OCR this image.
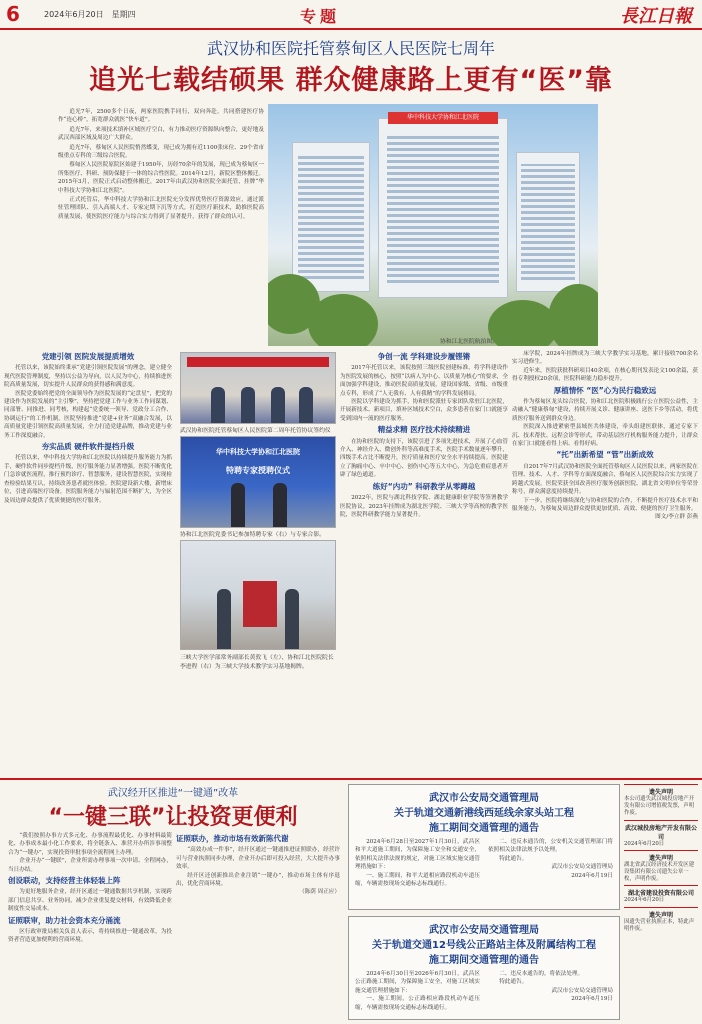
6	2024年6月20日　星期四	专题	長江日報
武汉协和医院托管蔡甸区人民医院七周年
追光七载结硕果 群众健康路上更有“医”靠

追光7年，2500多个日夜，两家医院携手同行，双向奔赴，共同搭建医疗协作“连心桥”，拓宽群众就医“快车道”。

追光7年，来项技术填补区域医疗空白，有力推动医疗资源纵向整合，更好地及武汉西部区域及周边广大群众。

追光7年，蔡甸区人民医院悄然蝶变，现已成为拥有近1100张床位、29个省市级重点专科的三级综合医院。

蔡甸区人民医院原院区始建于1950年，历经70余年的发展，现已成为蔡甸区一所集医疗、科研、预防保健于一体的综合性医院。2014年12月，新院区整体搬迁。2015年3月，医院正式启动整体搬迁，2017年由武汉协和医院全面托管，挂牌“华中科技大学协和江北医院”。

正式托管后，华中科技大学协和江北医院充分发挥优势医疗资源效应，通过派驻管理团队、引入高端人才、专家定期下沉等方式，打造医疗新技术，助推医院高质量发展，使医院医疗能力与综合实力得到了显著提升，获得了群众的认可。

华中科技大学协和江北医院
协和江北医院航拍图。
党建引领 医院发展提质增效

托管以来，该院始终秉承“党建引领医院发展”的理念，建立健全现代医院管理制度，坚持以公益为导向，以人民为中心，持续推进医院高质量发展，切实提升人民群众的获得感和满意度。

医院党委始终把党的全面领导作为医院发展的“定盘星”，把党的建设作为医院发展的“主引擎”，坚持把党建工作与业务工作同谋划、同部署、同推进、同考核，构建起“党委统一领导、党政分工合作、协调运行”的工作机制。医院坚持推进“党建+业务”双融合发展，以高质量党建引领医院高质量发展，全力打造党建品牌，推动党建与业务工作深度融合。

夯实品质 硬件软件提档升级

托管以来，华中科技大学协和江北医院以持续提升服务能力为抓手，硬件软件同步提档升级，医疗服务能力显著增强。医院不断优化门急诊就医流程，推行预约诊疗、智慧服务，建设智慧医院，实现检查检验结果互认，持续改善患者就医体验。医院建设新大楼，新增床位，引进高端医疗设备，医院服务能力与辐射范围不断扩大，为全区及周边群众提供了优质便捷的医疗服务。

武汉协和医院托管蔡甸区人民医院第二周年托管协议签约仪
华中科技大学协和江北医院
特聘专家授聘仪式
协和江北医院党委书记参加特聘专家（右）与专家合影。
三峡大学医学部常务副部长黄敦飞（左）、协和江北医院院长李进程（右）为三峡大学技术教学实习基地揭牌。
争创一流 学科建设步履铿锵

2017年托管以来，该院按照三级医院创建标准，将学科建设作为医院发展的核心，按照“以病人为中心、以质量为核心”的要求，全面加强学科建设，推动医院高质量发展。建设国家级、省级、市级重点专科，形成了“人无我有、人有我精”的学科发展格局。

医院以学科建设为抓手，协和医院派驻专家团队常驻江北医院，开展新技术、新项目，填补区域技术空白，众多患者在家门口就能享受到国内一流的医疗服务。

精益求精 医疗技术持续精进

在协和医院的支持下，该院引进了多项先进技术，开展了心血管介入、神经介入、微创外科等高难度手术，医院手术数量逐年攀升，四级手术占比不断提升，医疗质量和医疗安全水平持续提高。医院建立了胸痛中心、卒中中心、创伤中心等五大中心，为急危重症患者开辟了绿色通道。

练好“内功” 科研教学从零蹲越

2022年，医院与湖北科技学院、湖北健康职业学院等签署教学医院协议。2023年挂牌成为湖北医学院、三峡大学等高校的教学医院，医院科研教学能力显著提升。

床学院，2024年挂牌成为三峡大学教学实习基地，累计接收700余名实习进修生。

近年来，医院获批科研项目40余项，在核心期刊发表论文100余篇，获得专利授权20余项，医院科研能力稳步提升。

厚植情怀 “医”心为民行稳致远

作为蔡甸区龙头综合医院，协和江北医院积极践行公立医院公益性，主动融入“健康蔡甸”建设，持续开展义诊、健康讲座、送医下乡等活动，将优质医疗服务送到群众身边。

医院深入推进紧密型县域医共体建设，牵头组建医联体，通过专家下沉、技术帮扶、远程会诊等形式，带动基层医疗机构服务能力提升，让群众在家门口就能看得上病、看得好病。

“托”出新希望 “管”出新成效

自2017年7月武汉协和医院全面托管蔡甸区人民医院以来，两家医院在管理、技术、人才、学科等方面深度融合，蔡甸区人民医院综合实力实现了跨越式发展。医院荣获全国改善医疗服务创新医院、湖北省文明单位等荣誉称号，群众满意度持续提升。

下一步，医院将继续深化与协和医院的合作，不断提升医疗技术水平和服务能力，为蔡甸及周边群众提供更加优质、高效、便捷的医疗卫生服务。

图文/李立群 彭燕
武汉经开区推进“一键通”改革
“一键三联”让投资更便利

“我们按照办事方式多元化、办事流程最优化、办事材料最简化、办事成本最小化工作要求，将全链条入、准营开办所涉事项整合为“一键办”，实现投资审批事项全流程网上办理。

企业开办“一键联”，企业所需办理事项一次申请、全程网办，当日办结。

创设联动，支持经营主体轻装上阵

为更好地服务企业，经开区通过一键通数据共享机制，实现跨部门信息共享、业务协同，减少企业重复提交材料，有效降低企业制度性交易成本。

证照联审，助力社会资本充分涌流

区行政审批局相关负责人表示，将持续推进一键通改革，为投资者营造更加便利的营商环境。

证照联办，推动市场有效新陈代谢

“高效办成一件事”，经开区通过一键通推进证照联办，经营许可与营业执照同步办理，企业开办后即可投入经营，大大提升办事效率。

经开区还创新推出企业注销“一键办”，推动市场主体有序退出，优化营商环境。

（陈荫 周正应）
武汉市公安局交通管理局
关于轨道交通新港线西延线余家头站工程
施工期间交通管理的通告

2024年6月28日至2027年1月30日，武昌区和平大道施工期间，为保障施工安全和交通安全，依照相关法律法规的规定，对施工区域实施交通管理措施如下：

一、施工期间，和平大道相应路段机动车道压缩，车辆需按现场交通标志标线通行。

二、违反本通告的，公安机关交通管理部门将依照相关法律法规予以处理。

特此通告。

武汉市公安局交通管理局
2024年6月19日
武汉市公安局交通管理局
关于轨道交通12号线公正路站主体及附属结构工程
施工期间交通管理的通告

2024年6月30日至2026年6月30日，武昌区公正路施工期间，为保障施工安全，对施工区域实施交通管理措施如下：

一、施工期间，公正路相应路段机动车道压缩，车辆需按现场交通标志标线通行。

二、违反本通告的，将依法处理。

特此通告。

武汉市公安局交通管理局
2024年6月19日
遗失声明
本公司遗失武汉城投房地产开发有限公司增值税发票，声明作废。
武汉城投房地产开发有限公司
2024年6月20日
遗失声明
湖北省武汉经济技术开发区建设集团有限公司遗失公章一枚，声明作废。
湖北省建设投资有限公司
2024年6月20日
遗失声明
因遗失营业执照正本，特此声明作废。
